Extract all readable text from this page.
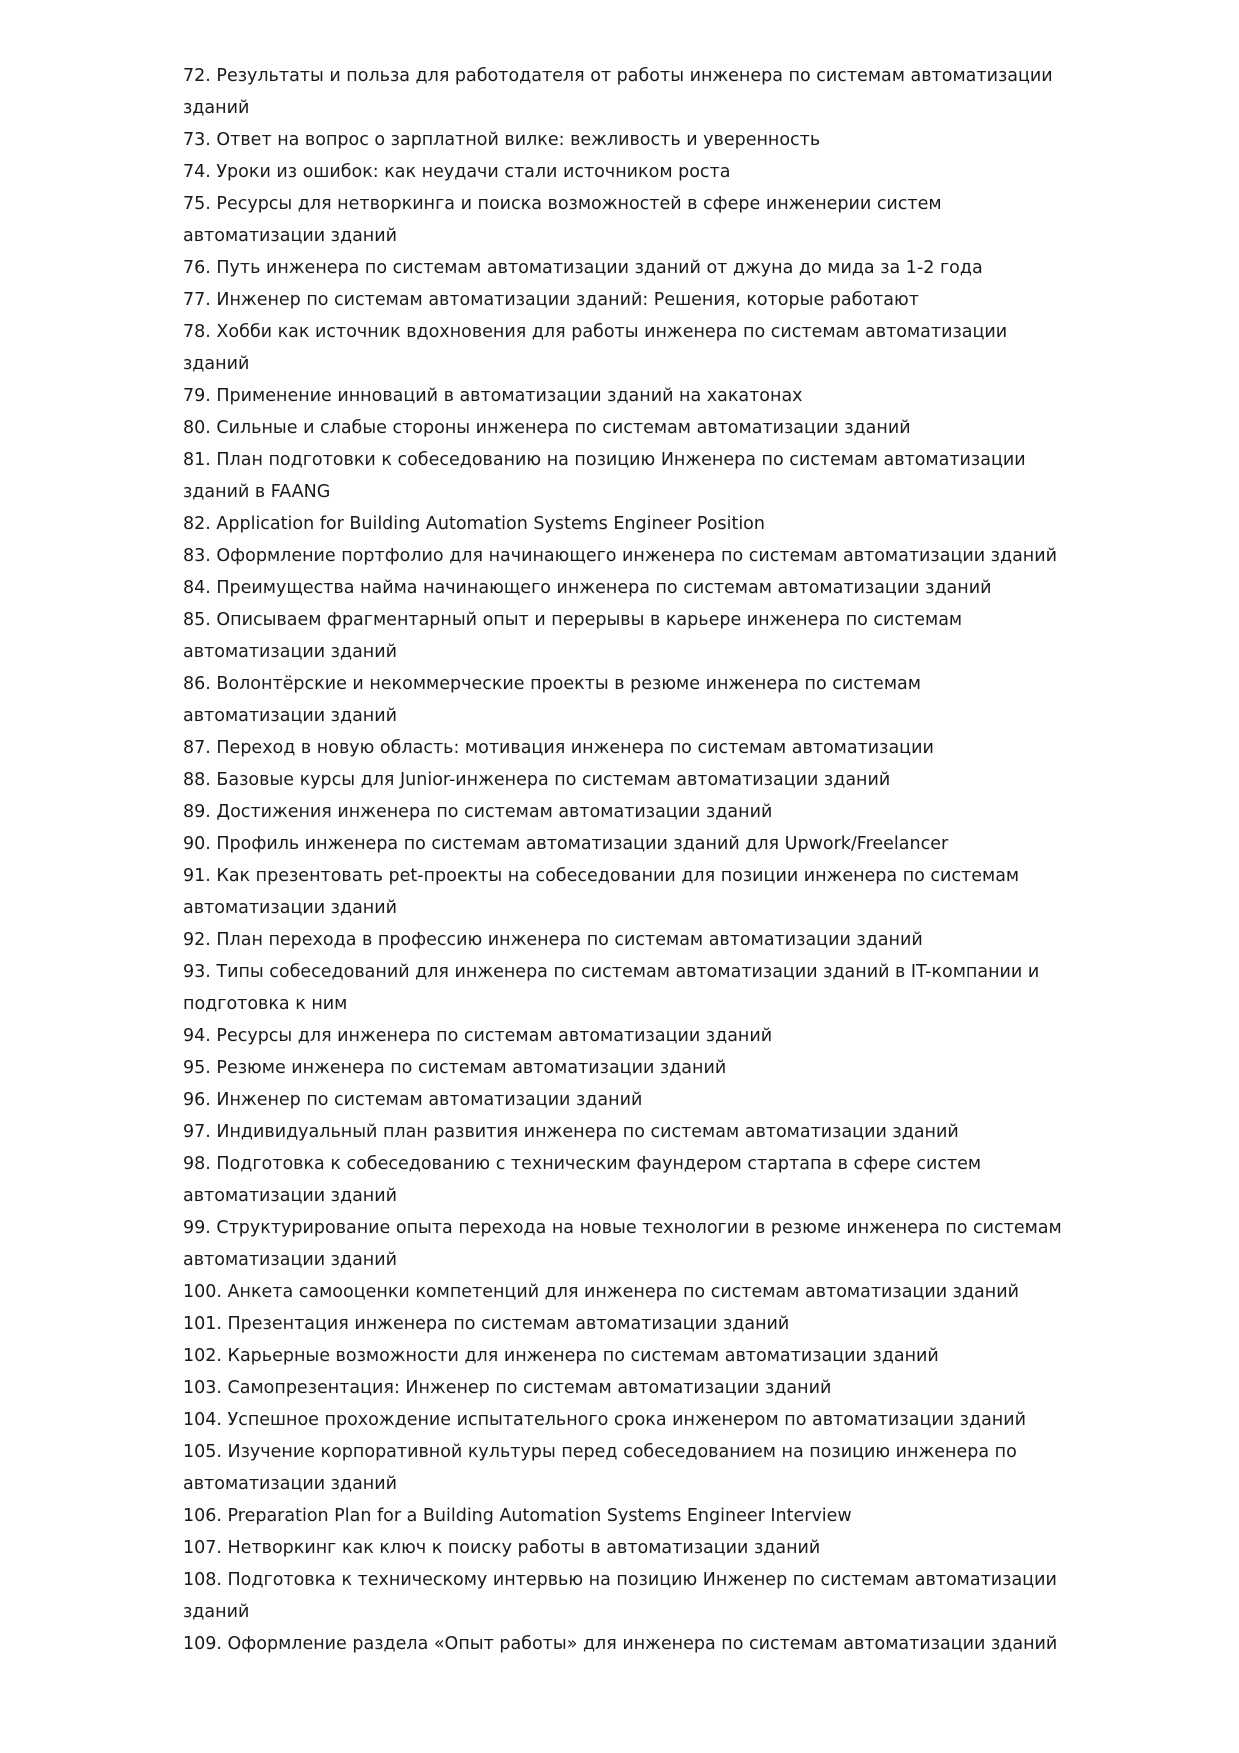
72. Результаты и польза для работодателя от работы инженера по системам автоматизации зданий
73. Ответ на вопрос о зарплатной вилке: вежливость и уверенность
74. Уроки из ошибок: как неудачи стали источником роста
75. Ресурсы для нетворкинга и поиска возможностей в сфере инженерии систем автоматизации зданий
76. Путь инженера по системам автоматизации зданий от джуна до мида за 1-2 года
77. Инженер по системам автоматизации зданий: Решения, которые работают
78. Хобби как источник вдохновения для работы инженера по системам автоматизации зданий
79. Применение инноваций в автоматизации зданий на хакатонах
80. Сильные и слабые стороны инженера по системам автоматизации зданий
81. План подготовки к собеседованию на позицию Инженера по системам автоматизации зданий в FAANG
82. Application for Building Automation Systems Engineer Position
83. Оформление портфолио для начинающего инженера по системам автоматизации зданий
84. Преимущества найма начинающего инженера по системам автоматизации зданий
85. Описываем фрагментарный опыт и перерывы в карьере инженера по системам автоматизации зданий
86. Волонтёрские и некоммерческие проекты в резюме инженера по системам автоматизации зданий
87. Переход в новую область: мотивация инженера по системам автоматизации
88. Базовые курсы для Junior-инженера по системам автоматизации зданий
89. Достижения инженера по системам автоматизации зданий
90. Профиль инженера по системам автоматизации зданий для Upwork/Freelancer
91. Как презентовать pet-проекты на собеседовании для позиции инженера по системам автоматизации зданий
92. План перехода в профессию инженера по системам автоматизации зданий
93. Типы собеседований для инженера по системам автоматизации зданий в IT-компании и подготовка к ним
94. Ресурсы для инженера по системам автоматизации зданий
95. Резюме инженера по системам автоматизации зданий
96. Инженер по системам автоматизации зданий
97. Индивидуальный план развития инженера по системам автоматизации зданий
98. Подготовка к собеседованию с техническим фаундером стартапа в сфере систем автоматизации зданий
99. Структурирование опыта перехода на новые технологии в резюме инженера по системам автоматизации зданий
100. Анкета самооценки компетенций для инженера по системам автоматизации зданий
101. Презентация инженера по системам автоматизации зданий
102. Карьерные возможности для инженера по системам автоматизации зданий
103. Самопрезентация: Инженер по системам автоматизации зданий
104. Успешное прохождение испытательного срока инженером по автоматизации зданий
105. Изучение корпоративной культуры перед собеседованием на позицию инженера по автоматизации зданий
106. Preparation Plan for a Building Automation Systems Engineer Interview
107. Нетворкинг как ключ к поиску работы в автоматизации зданий
108. Подготовка к техническому интервью на позицию Инженер по системам автоматизации зданий
109. Оформление раздела «Опыт работы» для инженера по системам автоматизации зданий
